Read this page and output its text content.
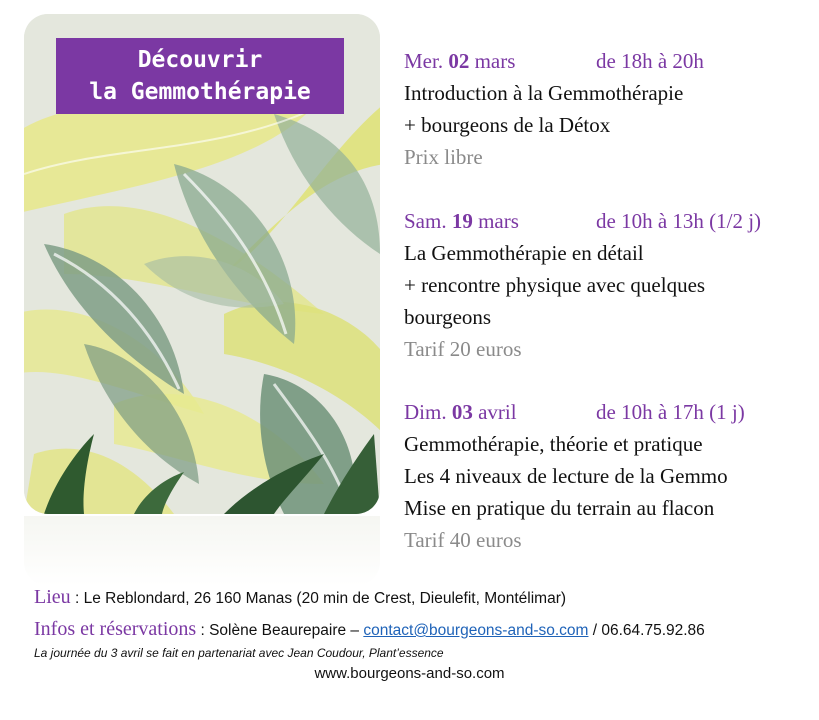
Découvrir
la Gemmothérapie
Mer. 02 mars	de 18h à 20h
Introduction à la Gemmothérapie
+ bourgeons de la Détox
Prix libre
Sam. 19 mars	de 10h à 13h (1/2 j)
La Gemmothérapie en détail
+ rencontre physique avec quelques
bourgeons
Tarif 20 euros
Dim. 03 avril	de 10h à 17h (1 j)
Gemmothérapie, théorie et pratique
Les 4 niveaux de lecture de la Gemmo
Mise en pratique du terrain au flacon
Tarif 40 euros
Lieu : Le Reblondard, 26 160 Manas (20 min de Crest, Dieulefit, Montélimar)
Infos et réservations : Solène Beaurepaire – contact@bourgeons-and-so.com / 06.64.75.92.86
La journée du 3 avril se fait en partenariat avec Jean Coudour, Plant’essence
www.bourgeons-and-so.com
